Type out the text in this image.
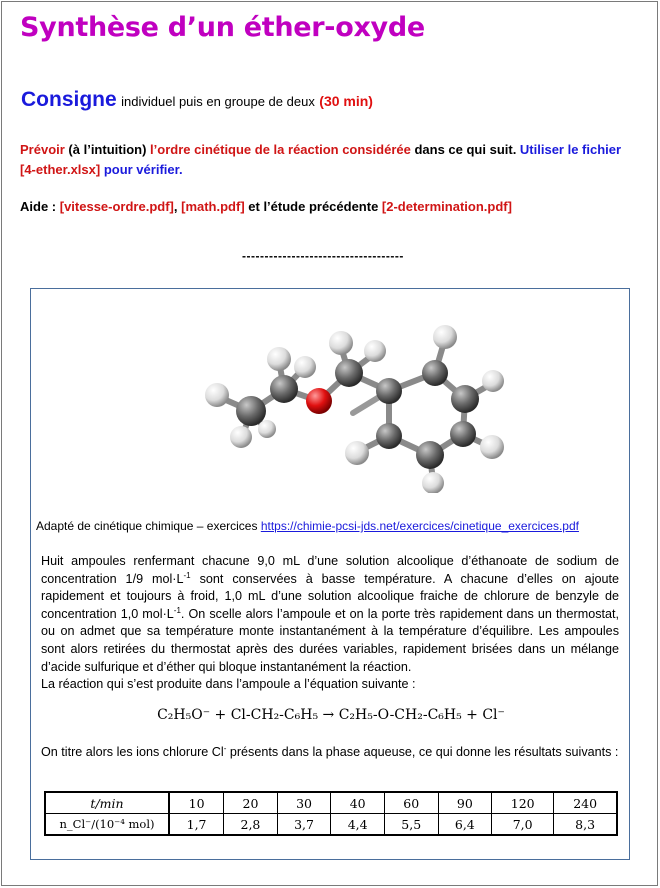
Synthèse d’un éther-oxyde
Consigne individuel puis en groupe de deux (30 min)
Prévoir (à l’intuition) l’ordre cinétique de la réaction considérée dans ce qui suit. Utiliser le fichier [4-ether.xlsx] pour vérifier.
Aide : [vitesse-ordre.pdf], [math.pdf] et l’étude précédente [2-determination.pdf]
------------------------------------
Adapté de cinétique chimique – exercices https://chimie-pcsi-jds.net/exercices/cinetique_exercices.pdf
Huit ampoules renfermant chacune 9,0 mL d’une solution alcoolique d’éthanoate de sodium de concentration 1/9 $mol\cdot L^{-1}$ sont conservées à basse température. A chacune d’elles on ajoute rapidement et toujours à froid, 1,0 mL d’une solution alcoolique fraiche de chlorure de benzyle de concentration 1,0 $mol\cdot L^{-1}$. On scelle alors l’ampoule et on la porte très rapidement dans un thermostat, ou on admet que sa température monte instantanément à la température d’équilibre. Les ampoules sont alors retirées du thermostat après des durées variables, rapidement brisées dans un mélange d’acide sulfurique et d’éther qui bloque instantanément la réaction.
La réaction qui s’est produite dans l’ampoule a l’équation suivante :
C₂H₅O⁻ + Cl-CH₂-C₆H₅ → C₂H₅-O-CH₂-C₆H₅ + Cl⁻
On titre alors les ions chlorure Cl- présents dans la phase aqueuse, ce qui donne les résultats suivants :
t/min	10	20	30	40	60	90	120	240
n_Cl⁻/(10⁻⁴ mol)	1,7	2,8	3,7	4,4	5,5	6,4	7,0	8,3
